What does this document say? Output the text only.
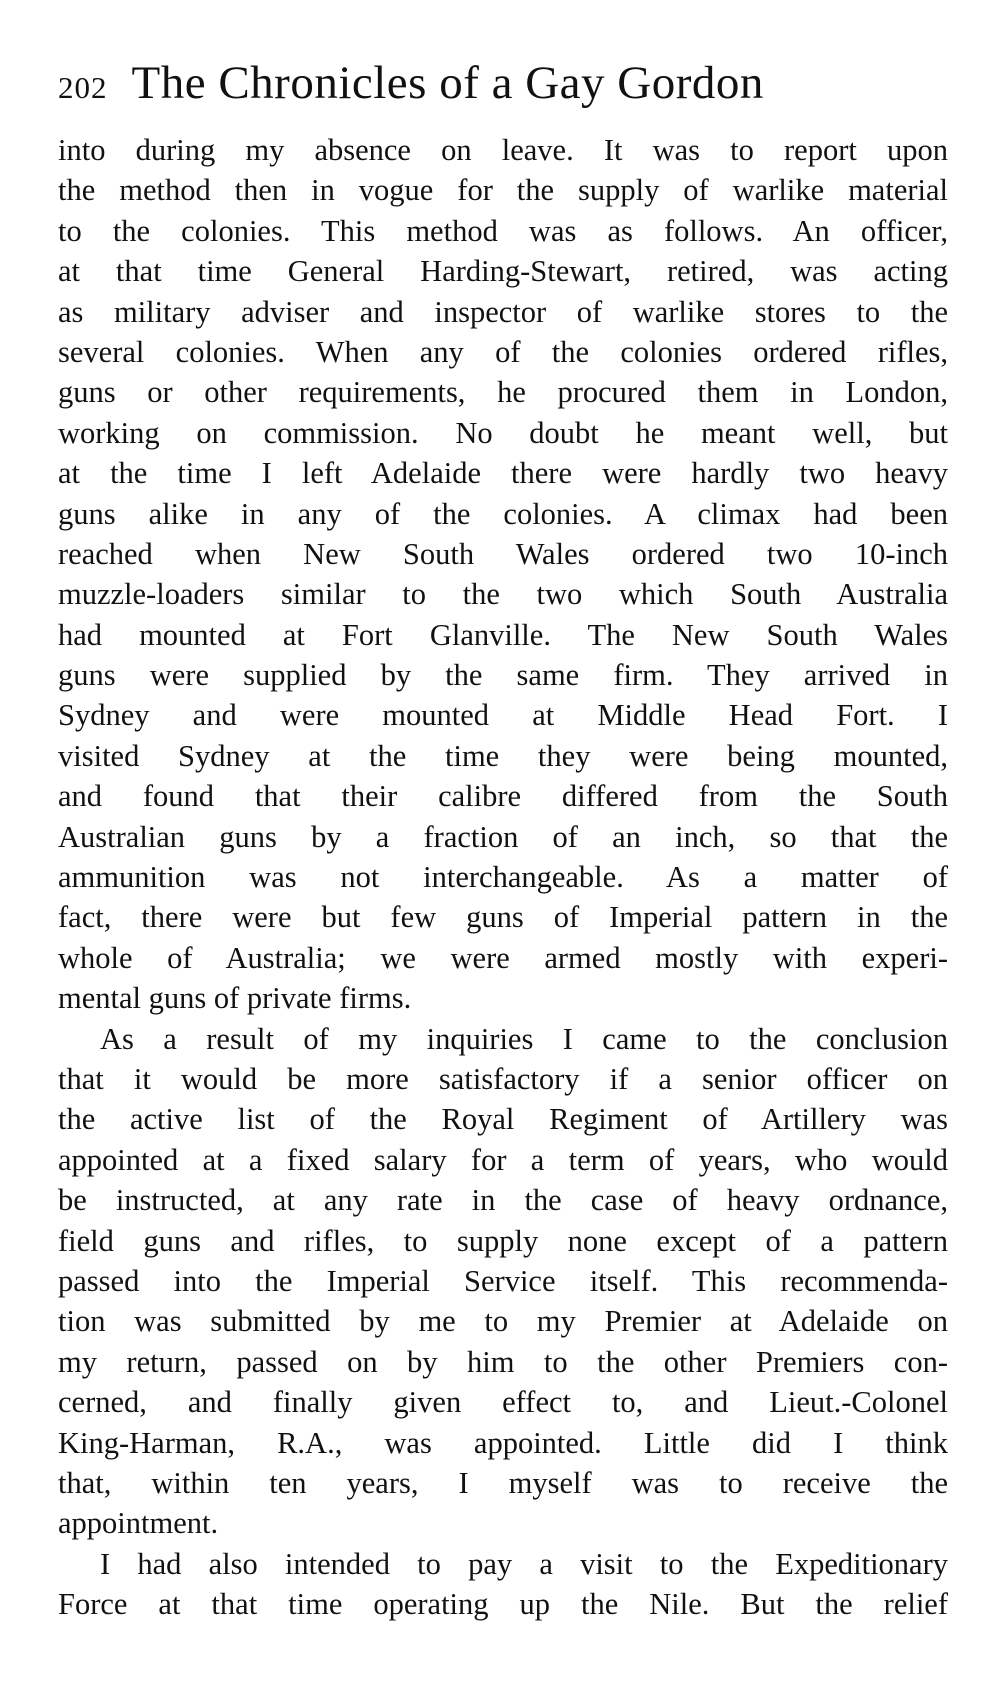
202 The Chronicles of a Gay Gordon
into during my absence on leave. It was to report upon
the method then in vogue for the supply of warlike material
to the colonies. This method was as follows. An officer,
at that time General Harding-Stewart, retired, was acting
as military adviser and inspector of warlike stores to the
several colonies. When any of the colonies ordered rifles,
guns or other requirements, he procured them in London,
working on commission. No doubt he meant well, but
at the time I left Adelaide there were hardly two heavy
guns alike in any of the colonies. A climax had been
reached when New South Wales ordered two 10-inch
muzzle-loaders similar to the two which South Australia
had mounted at Fort Glanville. The New South Wales
guns were supplied by the same firm. They arrived in
Sydney and were mounted at Middle Head Fort. I
visited Sydney at the time they were being mounted,
and found that their calibre differed from the South
Australian guns by a fraction of an inch, so that the
ammunition was not interchangeable. As a matter of
fact, there were but few guns of Imperial pattern in the
whole of Australia; we were armed mostly with experi-
mental guns of private firms.
As a result of my inquiries I came to the conclusion
that it would be more satisfactory if a senior officer on
the active list of the Royal Regiment of Artillery was
appointed at a fixed salary for a term of years, who would
be instructed, at any rate in the case of heavy ordnance,
field guns and rifles, to supply none except of a pattern
passed into the Imperial Service itself. This recommenda-
tion was submitted by me to my Premier at Adelaide on
my return, passed on by him to the other Premiers con-
cerned, and finally given effect to, and Lieut.-Colonel
King-Harman, R.A., was appointed. Little did I think
that, within ten years, I myself was to receive the
appointment.
I had also intended to pay a visit to the Expeditionary
Force at that time operating up the Nile. But the relief
